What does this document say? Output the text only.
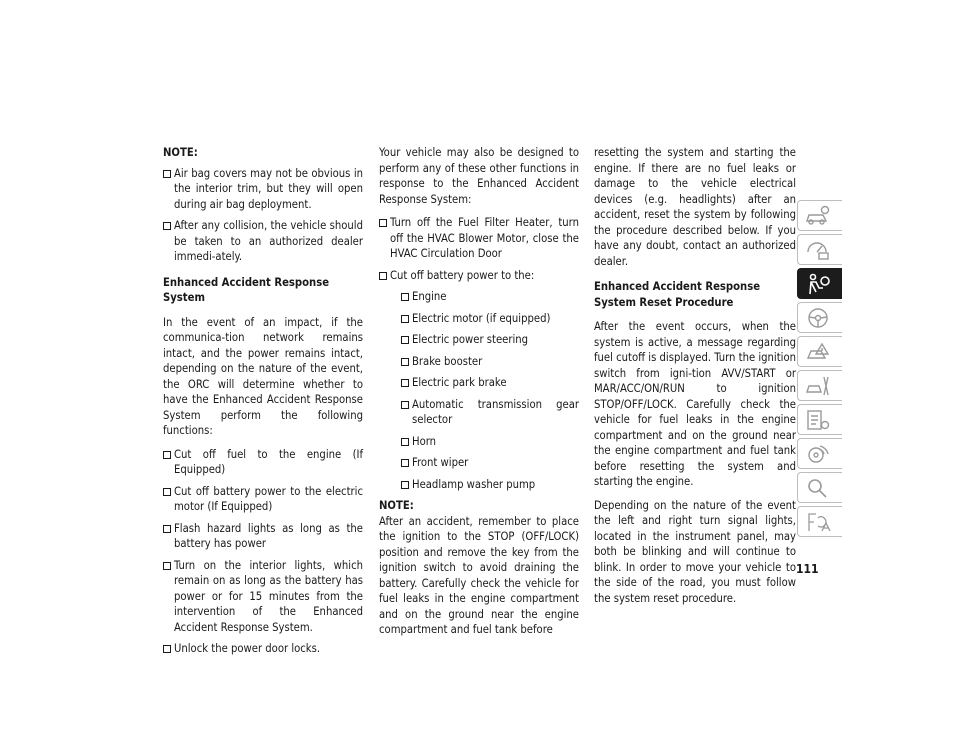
NOTE:
Air bag covers may not be obvious in the interior trim, but they will open during air bag deployment.
After any collision, the vehicle should be taken to an authorized dealer immedi-ately.
Enhanced Accident Response System

In the event of an impact, if the communica-tion network remains intact, and the power remains intact, depending on the nature of the event, the ORC will determine whether to have the Enhanced Accident Response System perform the following functions:

Cut off fuel to the engine (If Equipped)
Cut off battery power to the electric motor (If Equipped)
Flash hazard lights as long as the battery has power
Turn on the interior lights, which remain on as long as the battery has power or for 15 minutes from the intervention of the Enhanced Accident Response System.
Unlock the power door locks.

Your vehicle may also be designed to perform any of these other functions in response to the Enhanced Accident Response System:

Turn off the Fuel Filter Heater, turn off the HVAC Blower Motor, close the HVAC Circulation Door
Cut off battery power to the:
Engine
Electric motor (if equipped)
Electric power steering
Brake booster
Electric park brake
Automatic transmission gear selector
Horn
Front wiper
Headlamp washer pump

NOTE:
After an accident, remember to place the ignition to the STOP (OFF/LOCK) position and remove the key from the ignition switch to avoid draining the battery. Carefully check the vehicle for fuel leaks in the engine compartment and on the ground near the engine compartment and fuel tank before

resetting the system and starting the engine. If there are no fuel leaks or damage to the vehicle electrical devices (e.g. headlights) after an accident, reset the system by following the procedure described below. If you have any doubt, contact an authorized dealer.

Enhanced Accident Response System Reset Procedure

After the event occurs, when the system is active, a message regarding fuel cutoff is displayed. Turn the ignition switch from igni-tion AVV/START or MAR/ACC/ON/RUN to ignition STOP/OFF/LOCK. Carefully check the vehicle for fuel leaks in the engine compartment and on the ground near the engine compartment and fuel tank before resetting the system and starting the engine.

Depending on the nature of the event the left and right turn signal lights, located in the instrument panel, may both be blinking and will continue to blink. In order to move your vehicle to the side of the road, you must follow the system reset procedure.

111
